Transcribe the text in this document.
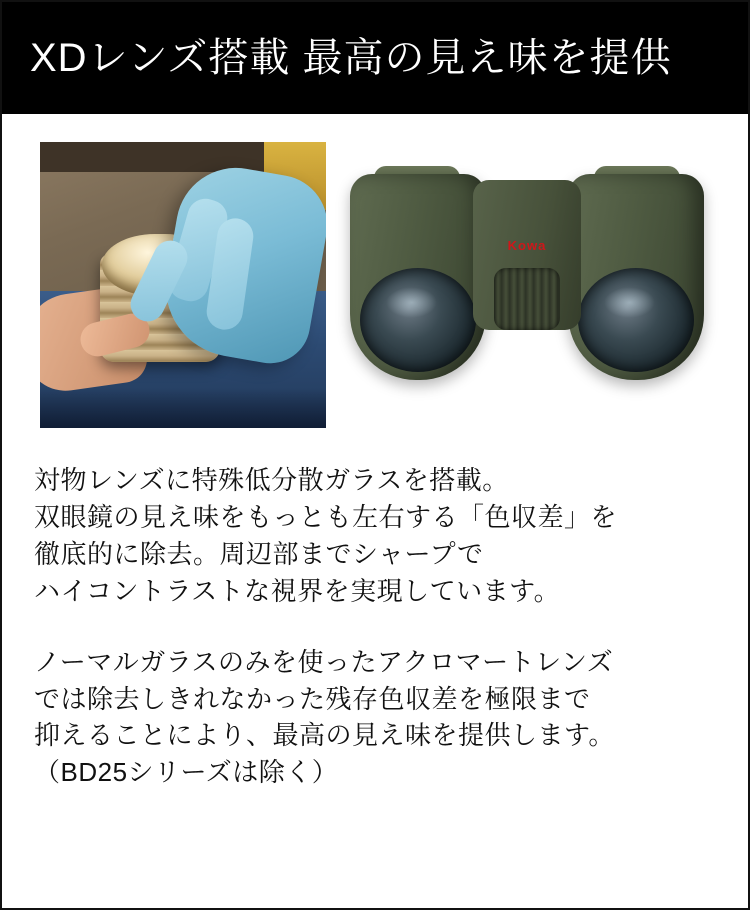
XDレンズ搭載 最高の見え味を提供
Kowa

対物レンズに特殊低分散ガラスを搭載。
双眼鏡の見え味をもっとも左右する「色収差」を
徹底的に除去。周辺部までシャープで
ハイコントラストな視界を実現しています。

ノーマルガラスのみを使ったアクロマートレンズ
では除去しきれなかった残存色収差を極限まで
抑えることにより、最高の見え味を提供します。
（BD25シリーズは除く）
